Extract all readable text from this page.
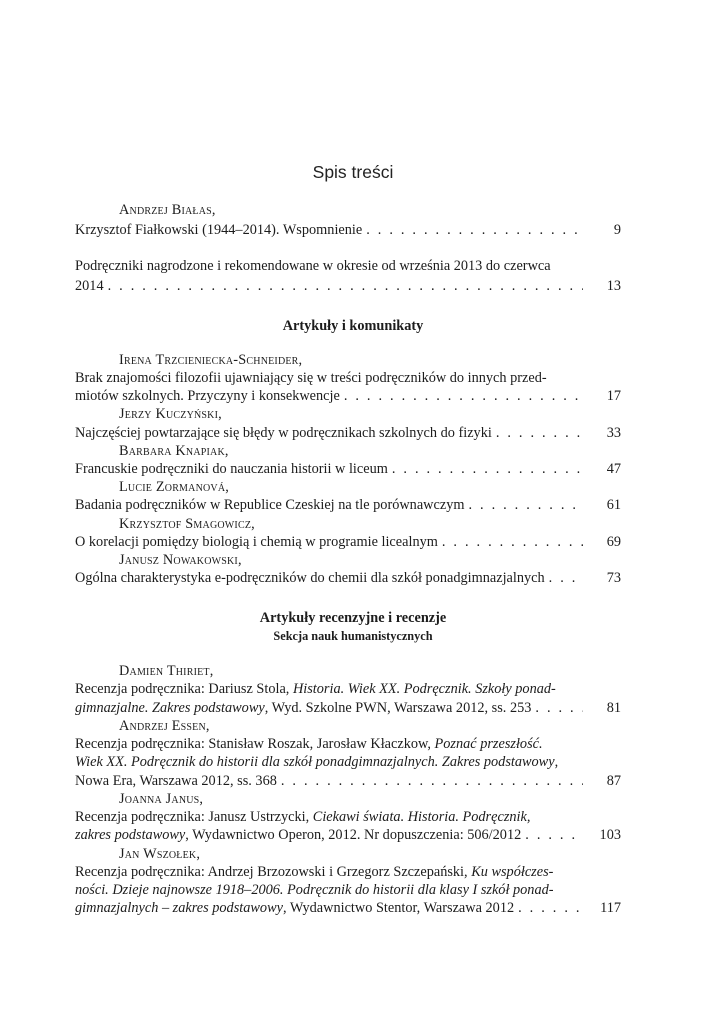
Spis treści
Andrzej Białas,
Krzysztof Fiałkowski (1944–2014). Wspomnienie . . .	9
Podręczniki nagrodzone i rekomendowane w okresie od września 2013 do czerwca
2014 . . .	13
Artykuły i komunikaty
Irena Trzcieniecka-Schneider,
Brak znajomości filozofii ujawniający się w treści podręczników do innych przed-
miotów szkolnych. Przyczyny i konsekwencje . . .	17
Jerzy Kuczyński,
Najczęściej powtarzające się błędy w podręcznikach szkolnych do fizyki . . .	33
Barbara Knapiak,
Francuskie podręczniki do nauczania historii w liceum . . .	47
Lucie Zormanová,
Badania podręczników w Republice Czeskiej na tle porównawczym . . .	61
Krzysztof Smagowicz,
O korelacji pomiędzy biologią i chemią w programie licealnym . . .	69
Janusz Nowakowski,
Ogólna charakterystyka e-podręczników do chemii dla szkół ponadgimnazjalnych . . .	73
Artykuły recenzyjne i recenzje
Sekcja nauk humanistycznych
Damien Thiriet,
Recenzja podręcznika: Dariusz Stola, Historia. Wiek XX. Podręcznik. Szkoły ponad-
gimnazjalne. Zakres podstawowy, Wyd. Szkolne PWN, Warszawa 2012, ss. 253 . . .	81
Andrzej Essen,
Recenzja podręcznika: Stanisław Roszak, Jarosław Kłaczkow, Poznać przeszłość.
Wiek XX. Podręcznik do historii dla szkół ponadgimnazjalnych. Zakres podstawowy,
Nowa Era, Warszawa 2012, ss. 368 . . .	87
Joanna Janus,
Recenzja podręcznika: Janusz Ustrzycki, Ciekawi świata. Historia. Podręcznik,
zakres podstawowy, Wydawnictwo Operon, 2012. Nr dopuszczenia: 506/2012 . . .	103
Jan Wszołek,
Recenzja podręcznika: Andrzej Brzozowski i Grzegorz Szczepański, Ku współczes-
ności. Dzieje najnowsze 1918–2006. Podręcznik do historii dla klasy I szkół ponad-
gimnazjalnych – zakres podstawowy, Wydawnictwo Stentor, Warszawa 2012 . . .	117
